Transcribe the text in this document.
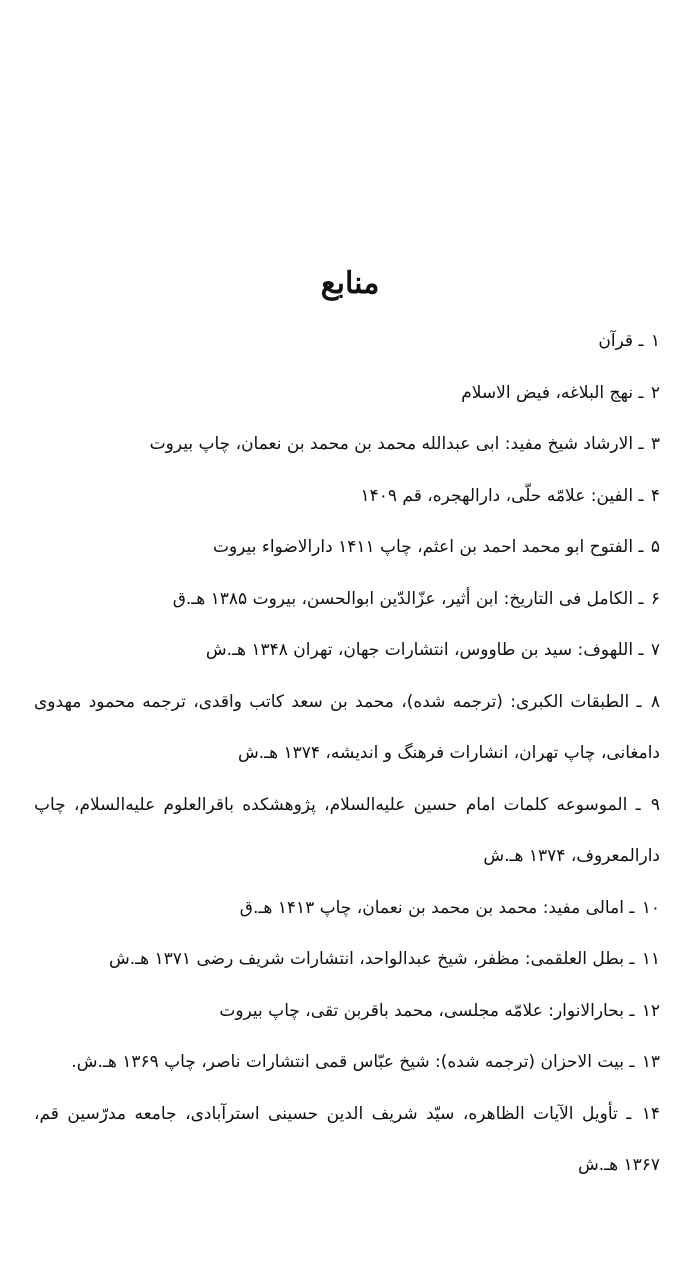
منابع
١ ـ قرآن
٢ ـ نهج البلاغه، فیض الاسلام
٣ ـ الارشاد شیخ مفید: ابی عبدالله محمد بن محمد بن نعمان، چاپ بیروت
۴ ـ الفین: علامّه حلّی، دارالهجره، قم ۱۴۰۹
۵ ـ الفتوح ابو محمد احمد بن اعثم، چاپ ۱۴۱۱ دارالاضواء بیروت
۶ ـ الکامل فی التاریخ: ابن أثیر، عزّالدّین ابوالحسن، بیروت ۱۳۸۵ هـ.ق
٧ ـ اللهوف: سید بن طاووس، انتشارات جهان، تهران ۱۳۴۸ هـ.ش
٨ ـ الطبقات الکبری: (ترجمه شده)، محمد بن سعد کاتب واقدی، ترجمه محمود مهدوی دامغانی، چاپ تهران، انشارات فرهنگ و اندیشه، ۱۳۷۴ هـ.ش
٩ ـ الموسوعه کلمات امام حسین علیه‌السلام، پژوهشکده باقرالعلوم علیه‌السلام، چاپ دارالمعروف، ۱۳۷۴ هـ.ش
١٠ ـ امالی مفید: محمد بن محمد بن نعمان، چاپ ۱۴۱۳ هـ.ق
١١ ـ بطل العلقمی: مظفر، شیخ عبدالواحد، انتشارات شریف رضی ۱۳۷۱ هـ.ش
١٢ ـ بحارالانوار: علامّه مجلسی، محمد باقربن تقی، چاپ بیروت
١٣ ـ بیت الاحزان (ترجمه شده): شیخ عبّاس قمی انتشارات ناصر، چاپ ۱۳۶۹ هـ.ش.
١۴ ـ تأویل الآیات الظاهره، سیّد شریف الدین حسینی استرآبادی، جامعه مدرّسین قم، ۱۳۶۷ هـ.ش
